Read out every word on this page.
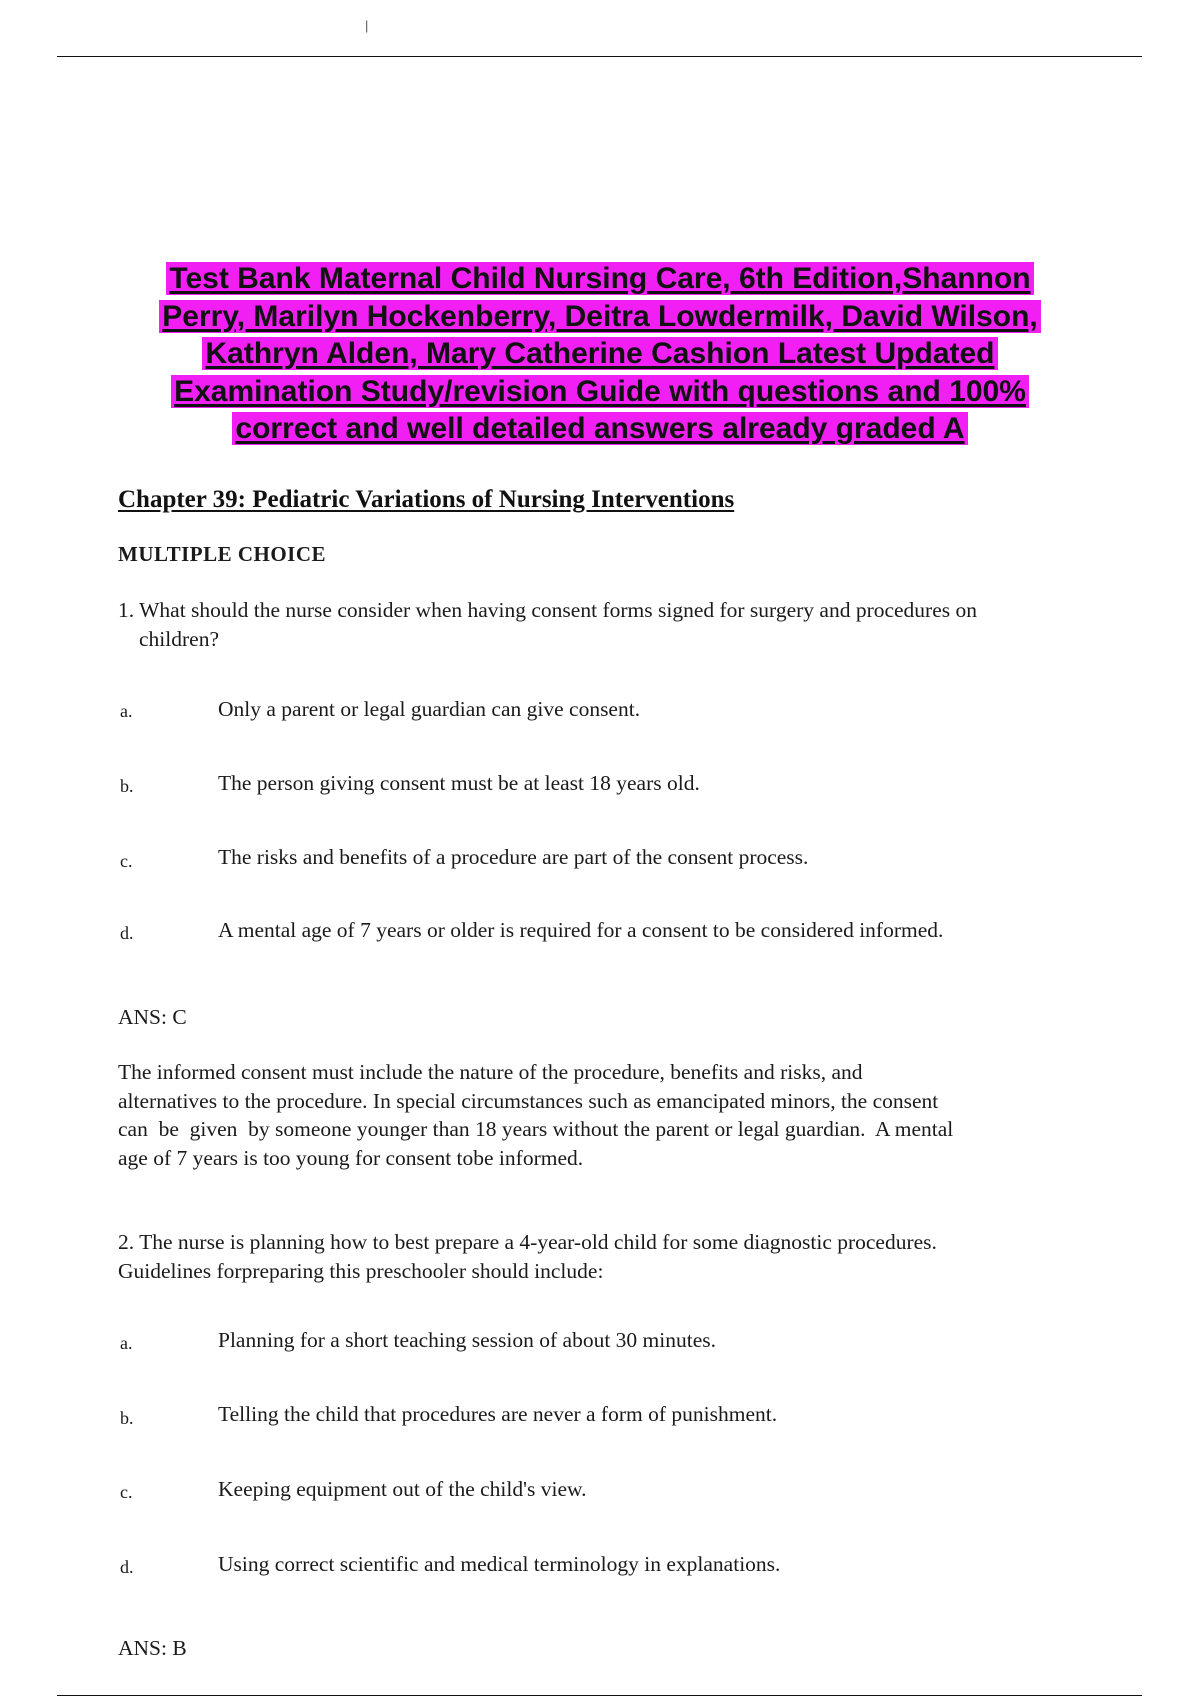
|
Test Bank Maternal Child Nursing Care, 6th Edition,Shannon
Perry, Marilyn Hockenberry, Deitra Lowdermilk, David Wilson,
Kathryn Alden, Mary Catherine Cashion Latest Updated
Examination Study/revision Guide with questions and 100%
correct and well detailed answers already graded A
Chapter 39: Pediatric Variations of Nursing Interventions
MULTIPLE CHOICE
1. What should the nurse consider when having consent forms signed for surgery and procedures on
children?
a.	Only a parent or legal guardian can give consent.
b.	The person giving consent must be at least 18 years old.
c.	The risks and benefits of a procedure are part of the consent process.
d.	A mental age of 7 years or older is required for a consent to be considered informed.
ANS: C
The informed consent must include the nature of the procedure, benefits and risks, and
alternatives to the procedure. In special circumstances such as emancipated minors, the consent
can  be  given  by someone younger than 18 years without the parent or legal guardian.  A mental
age of 7 years is too young for consent tobe informed.
2. The nurse is planning how to best prepare a 4-year-old child for some diagnostic procedures.
Guidelines forpreparing this preschooler should include:
a.	Planning for a short teaching session of about 30 minutes.
b.	Telling the child that procedures are never a form of punishment.
c.	Keeping equipment out of the child's view.
d.	Using correct scientific and medical terminology in explanations.
ANS: B
